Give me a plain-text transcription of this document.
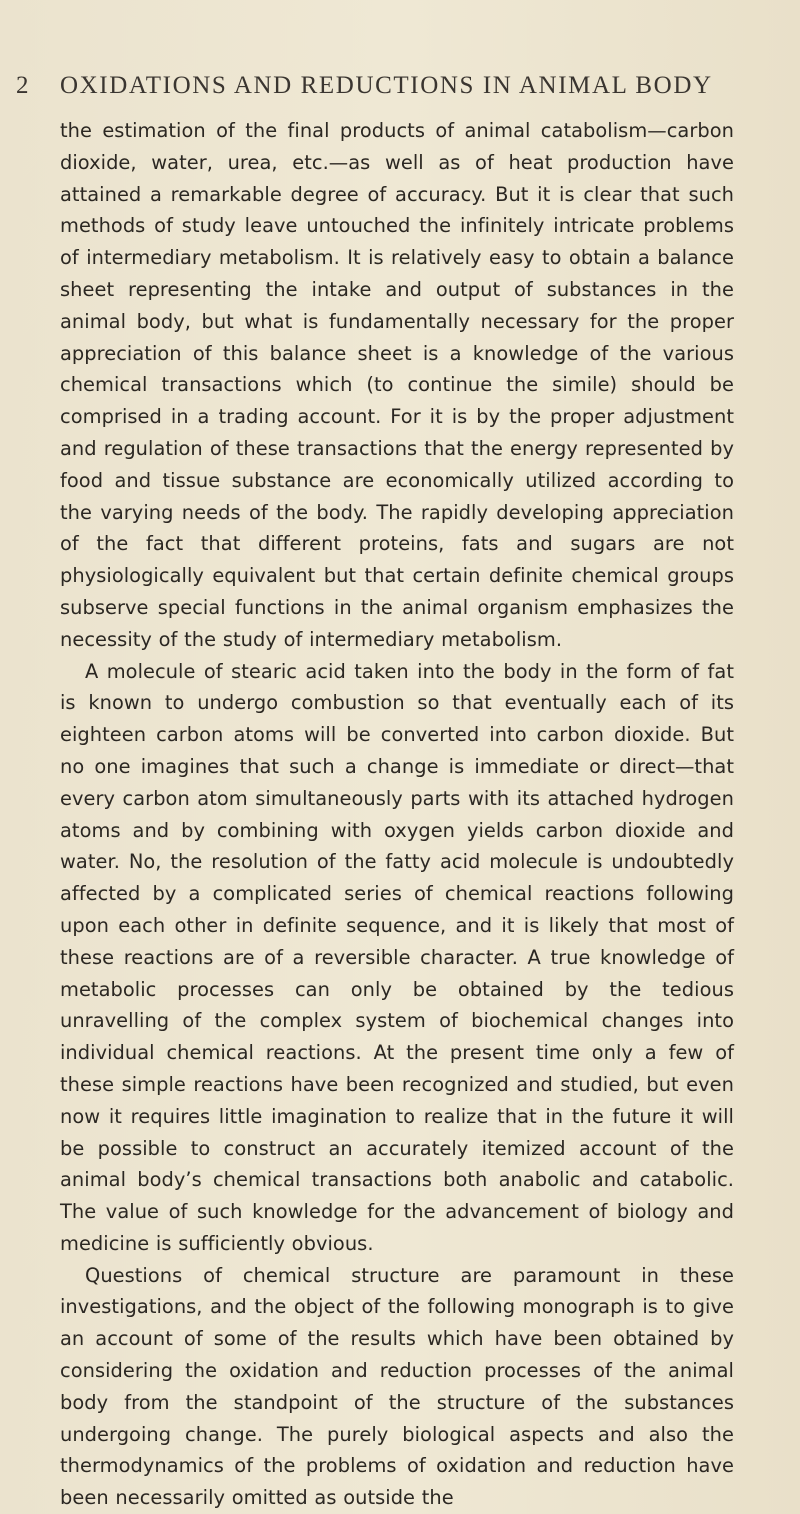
2	OXIDATIONS AND REDUCTIONS IN ANIMAL BODY

the estimation of the final products of animal catabolism—carbon dioxide, water, urea, etc.—as well as of heat production have attained a remarkable degree of accuracy. But it is clear that such methods of study leave untouched the infinitely intricate problems of intermediary metabolism. It is relatively easy to obtain a balance sheet representing the intake and output of substances in the animal body, but what is fundamentally necessary for the proper appreciation of this balance sheet is a knowledge of the various chemical transactions which (to continue the simile) should be comprised in a trading account. For it is by the proper adjustment and regulation of these transactions that the energy represented by food and tissue substance are economically utilized according to the varying needs of the body. The rapidly developing appreciation of the fact that different proteins, fats and sugars are not physiologically equivalent but that certain definite chemical groups subserve special functions in the animal organism emphasizes the necessity of the study of intermediary metabolism.

A molecule of stearic acid taken into the body in the form of fat is known to undergo combustion so that eventually each of its eighteen carbon atoms will be converted into carbon dioxide. But no one imagines that such a change is immediate or direct—that every carbon atom simultaneously parts with its attached hydrogen atoms and by combining with oxygen yields carbon dioxide and water. No, the resolution of the fatty acid molecule is undoubtedly affected by a complicated series of chemical reactions following upon each other in definite sequence, and it is likely that most of these reactions are of a reversible character. A true knowledge of metabolic processes can only be obtained by the tedious unravelling of the complex system of biochemical changes into individual chemical reactions. At the present time only a few of these simple reactions have been recognized and studied, but even now it requires little imagination to realize that in the future it will be possible to construct an accurately itemized account of the animal body’s chemical transactions both anabolic and catabolic. The value of such knowledge for the advancement of biology and medicine is sufficiently obvious.

Questions of chemical structure are paramount in these investigations, and the object of the following monograph is to give an account of some of the results which have been obtained by considering the oxidation and reduction processes of the animal body from the standpoint of the structure of the substances undergoing change. The purely biological aspects and also the thermodynamics of the problems of oxidation and reduction have been necessarily omitted as outside the
